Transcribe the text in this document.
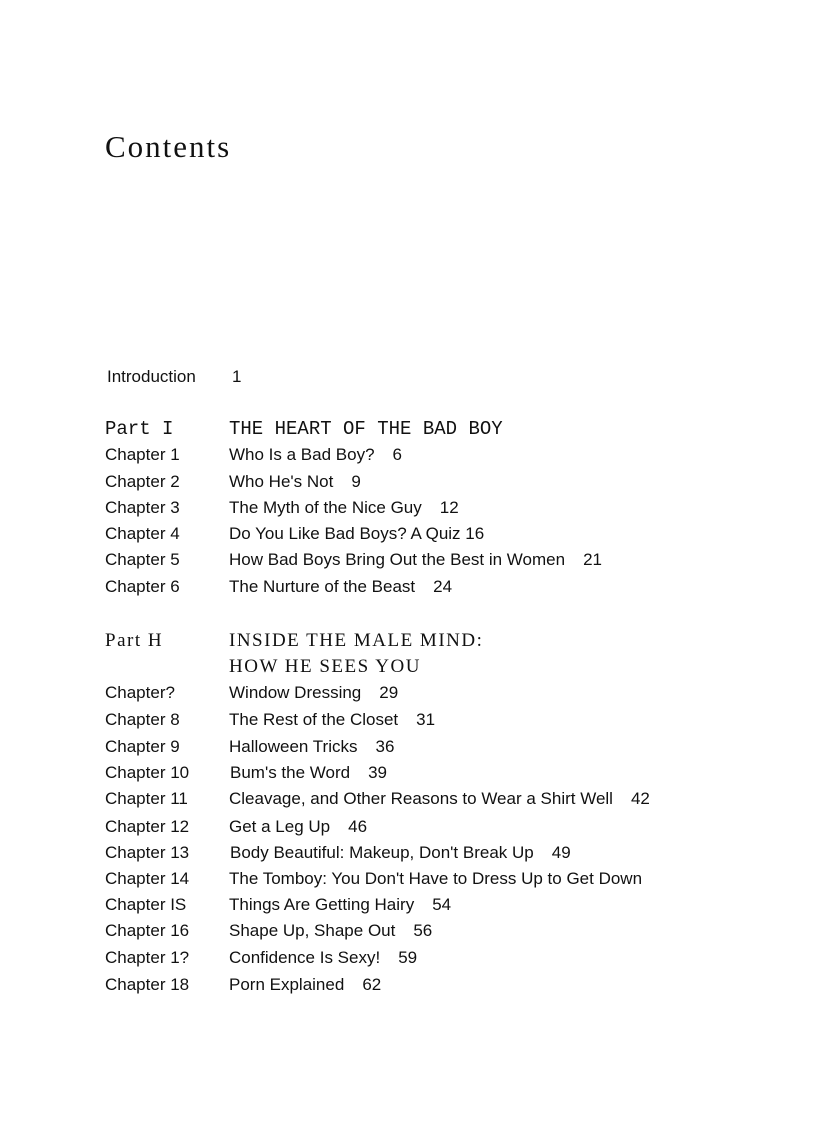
Contents
Introduction 1
Part I	THE HEART OF THE BAD BOY
Chapter 1	Who Is a Bad Boy? 6
Chapter 2	Who He's Not 9
Chapter 3	The Myth of the Nice Guy 12
Chapter 4	Do You Like Bad Boys? A Quiz 16
Chapter 5	How Bad Boys Bring Out the Best in Women 21
Chapter 6	The Nurture of the Beast 24
Part H	INSIDE THE MALE MIND:
HOW HE SEES YOU
Chapter?	Window Dressing 29
Chapter 8	The Rest of the Closet 31
Chapter 9	Halloween Tricks 36
Chapter 10 Bum's the Word 39
Chapter 11 Cleavage, and Other Reasons to Wear a Shirt Well 42
Chapter 12 Get a Leg Up 46
Chapter 13 Body Beautiful: Makeup, Don't Break Up 49
Chapter 14 The Tomboy: You Don't Have to Dress Up to Get Down
Chapter IS	Things Are Getting Hairy 54
Chapter 16 Shape Up, Shape Out 56
Chapter 1? Confidence Is Sexy! 59
Chapter 18 Porn Explained 62
